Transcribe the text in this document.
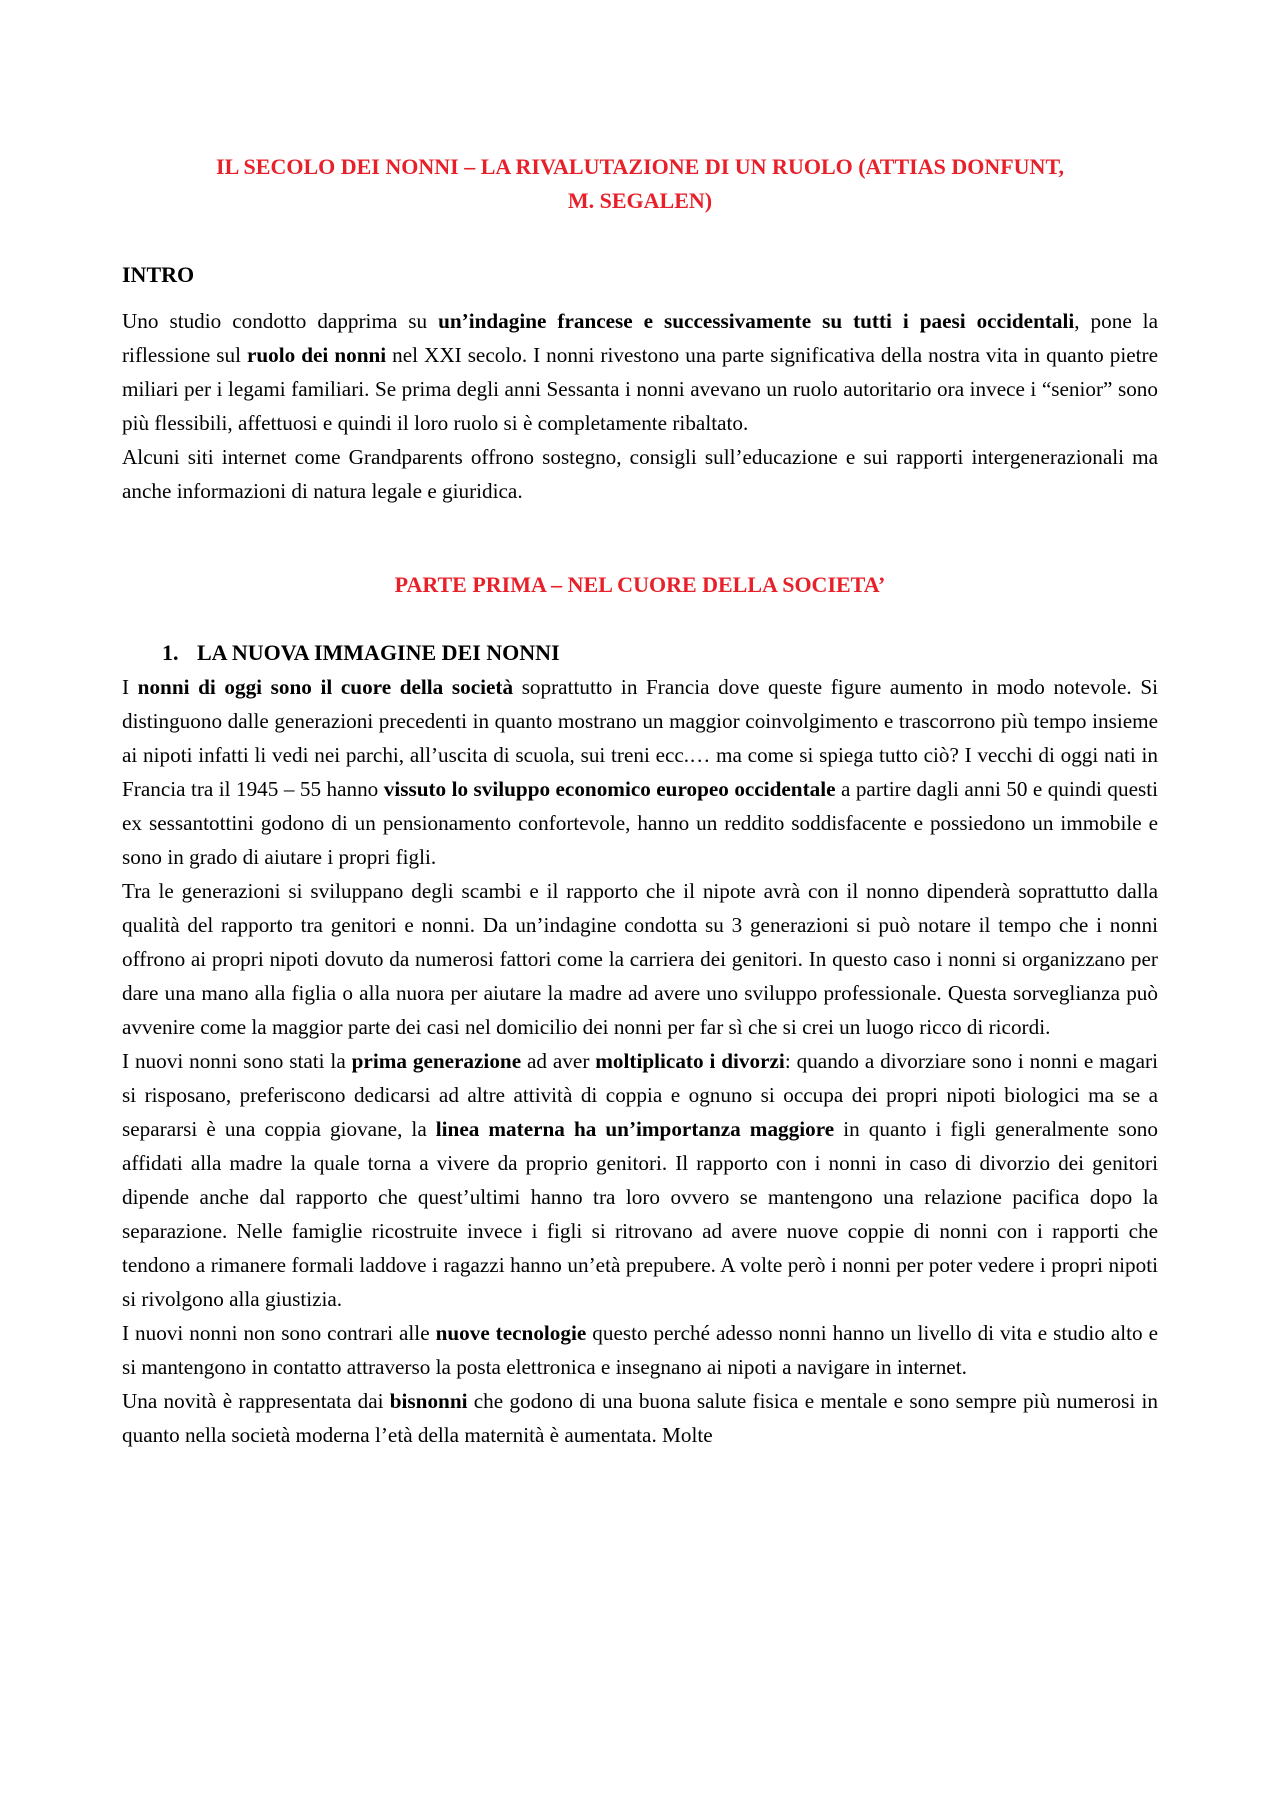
IL SECOLO DEI NONNI – LA RIVALUTAZIONE DI UN RUOLO (ATTIAS DONFUNT,
M. SEGALEN)
INTRO

Uno studio condotto dapprima su un’indagine francese e successivamente su tutti i paesi occidentali, pone la riflessione sul ruolo dei nonni nel XXI secolo. I nonni rivestono una parte significativa della nostra vita in quanto pietre miliari per i legami familiari. Se prima degli anni Sessanta i nonni avevano un ruolo autoritario ora invece i “senior” sono più flessibili, affettuosi e quindi il loro ruolo si è completamente ribaltato.

Alcuni siti internet come Grandparents offrono sostegno, consigli sull’educazione e sui rapporti intergenerazionali ma anche informazioni di natura legale e giuridica.

PARTE PRIMA – NEL CUORE DELLA SOCIETA’
1. LA NUOVA IMMAGINE DEI NONNI

I nonni di oggi sono il cuore della società soprattutto in Francia dove queste figure aumento in modo notevole. Si distinguono dalle generazioni precedenti in quanto mostrano un maggior coinvolgimento e trascorrono più tempo insieme ai nipoti infatti li vedi nei parchi, all’uscita di scuola, sui treni ecc.… ma come si spiega tutto ciò? I vecchi di oggi nati in Francia tra il 1945 – 55 hanno vissuto lo sviluppo economico europeo occidentale a partire dagli anni 50 e quindi questi ex sessantottini godono di un pensionamento confortevole, hanno un reddito soddisfacente e possiedono un immobile e sono in grado di aiutare i propri figli.

Tra le generazioni si sviluppano degli scambi e il rapporto che il nipote avrà con il nonno dipenderà soprattutto dalla qualità del rapporto tra genitori e nonni. Da un’indagine condotta su 3 generazioni si può notare il tempo che i nonni offrono ai propri nipoti dovuto da numerosi fattori come la carriera dei genitori. In questo caso i nonni si organizzano per dare una mano alla figlia o alla nuora per aiutare la madre ad avere uno sviluppo professionale. Questa sorveglianza può avvenire come la maggior parte dei casi nel domicilio dei nonni per far sì che si crei un luogo ricco di ricordi.

I nuovi nonni sono stati la prima generazione ad aver moltiplicato i divorzi: quando a divorziare sono i nonni e magari si risposano, preferiscono dedicarsi ad altre attività di coppia e ognuno si occupa dei propri nipoti biologici ma se a separarsi è una coppia giovane, la linea materna ha un’importanza maggiore in quanto i figli generalmente sono affidati alla madre la quale torna a vivere da proprio genitori. Il rapporto con i nonni in caso di divorzio dei genitori dipende anche dal rapporto che quest’ultimi hanno tra loro ovvero se mantengono una relazione pacifica dopo la separazione. Nelle famiglie ricostruite invece i figli si ritrovano ad avere nuove coppie di nonni con i rapporti che tendono a rimanere formali laddove i ragazzi hanno un’età prepubere. A volte però i nonni per poter vedere i propri nipoti si rivolgono alla giustizia.

I nuovi nonni non sono contrari alle nuove tecnologie questo perché adesso nonni hanno un livello di vita e studio alto e si mantengono in contatto attraverso la posta elettronica e insegnano ai nipoti a navigare in internet.

Una novità è rappresentata dai bisnonni che godono di una buona salute fisica e mentale e sono sempre più numerosi in quanto nella società moderna l’età della maternità è aumentata. Molte
